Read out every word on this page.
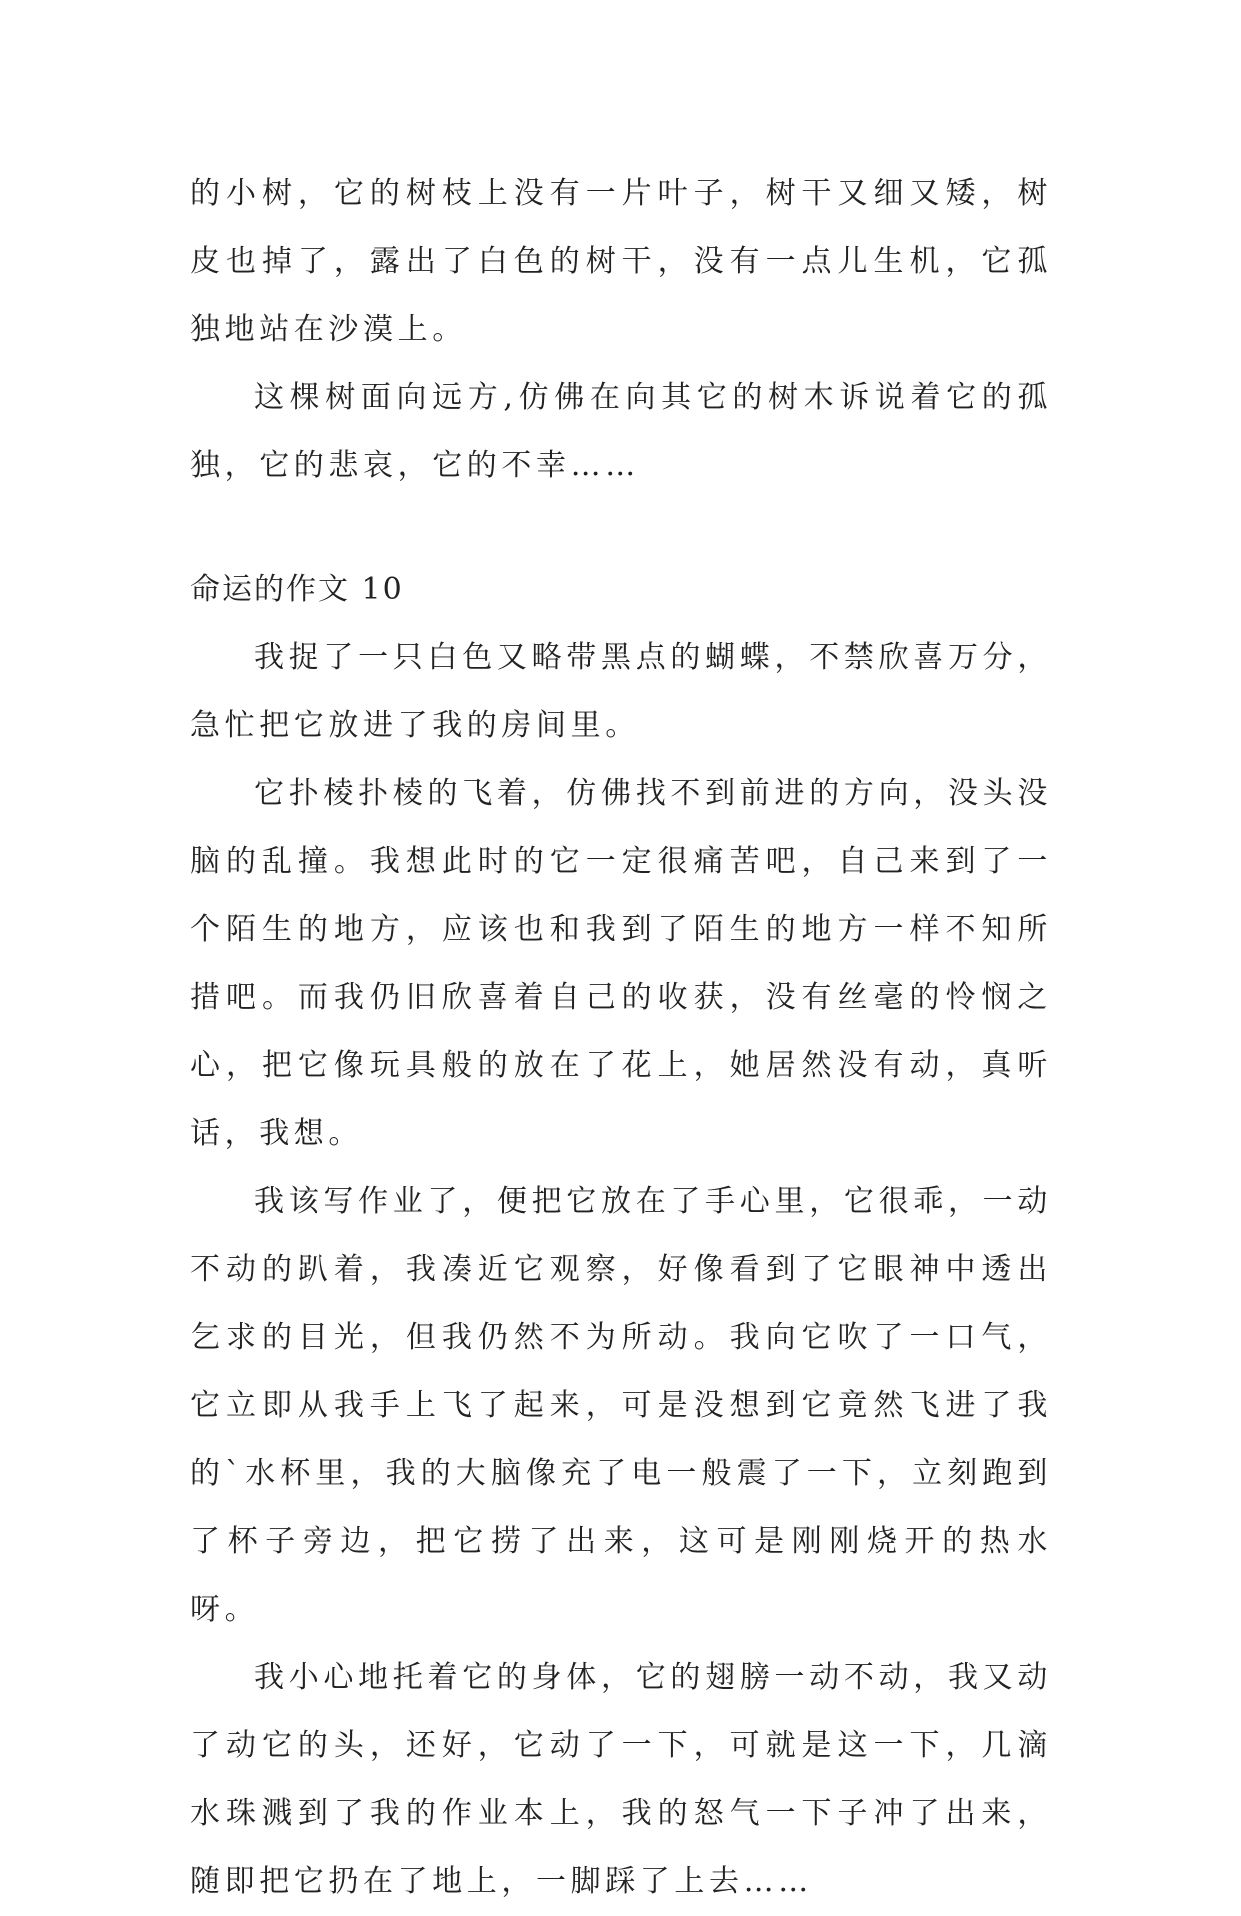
的小树，它的树枝上没有一片叶子，树干又细又矮，树皮也掉了，露出了白色的树干，没有一点儿生机，它孤独地站在沙漠上。

这棵树面向远方,仿佛在向其它的树木诉说着它的孤独，它的悲哀，它的不幸……

命运的作文 10

我捉了一只白色又略带黑点的蝴蝶，不禁欣喜万分，急忙把它放进了我的房间里。

它扑棱扑棱的飞着，仿佛找不到前进的方向，没头没脑的乱撞。我想此时的它一定很痛苦吧，自己来到了一个陌生的地方，应该也和我到了陌生的地方一样不知所措吧。而我仍旧欣喜着自己的收获，没有丝毫的怜悯之心，把它像玩具般的放在了花上，她居然没有动，真听话，我想。

我该写作业了，便把它放在了手心里，它很乖，一动不动的趴着，我凑近它观察，好像看到了它眼神中透出乞求的目光，但我仍然不为所动。我向它吹了一口气，它立即从我手上飞了起来，可是没想到它竟然飞进了我的`水杯里，我的大脑像充了电一般震了一下，立刻跑到了杯子旁边，把它捞了出来，这可是刚刚烧开的热水呀。

我小心地托着它的身体，它的翅膀一动不动，我又动了动它的头，还好，它动了一下，可就是这一下，几滴水珠溅到了我的作业本上，我的怒气一下子冲了出来，随即把它扔在了地上，一脚踩了上去……
